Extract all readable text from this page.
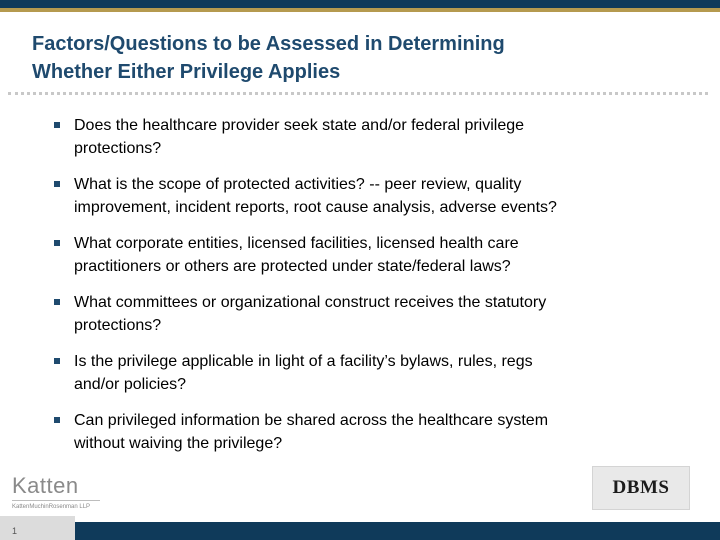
Factors/Questions to be Assessed in Determining
Whether Either Privilege Applies
Does the healthcare provider seek state and/or federal privilege
protections?
What is the scope of protected activities? -- peer review, quality
improvement, incident reports, root cause analysis, adverse events?
What corporate entities, licensed facilities, licensed health care
practitioners or others are protected under state/federal laws?
What committees or organizational construct receives the statutory
protections?
Is the privilege applicable in light of a facility’s bylaws, rules, regs
and/or policies?
Can privileged information be shared across the healthcare system
without waiving the privilege?
Katten
KattenMuchinRosenman LLP
DBMS
1
